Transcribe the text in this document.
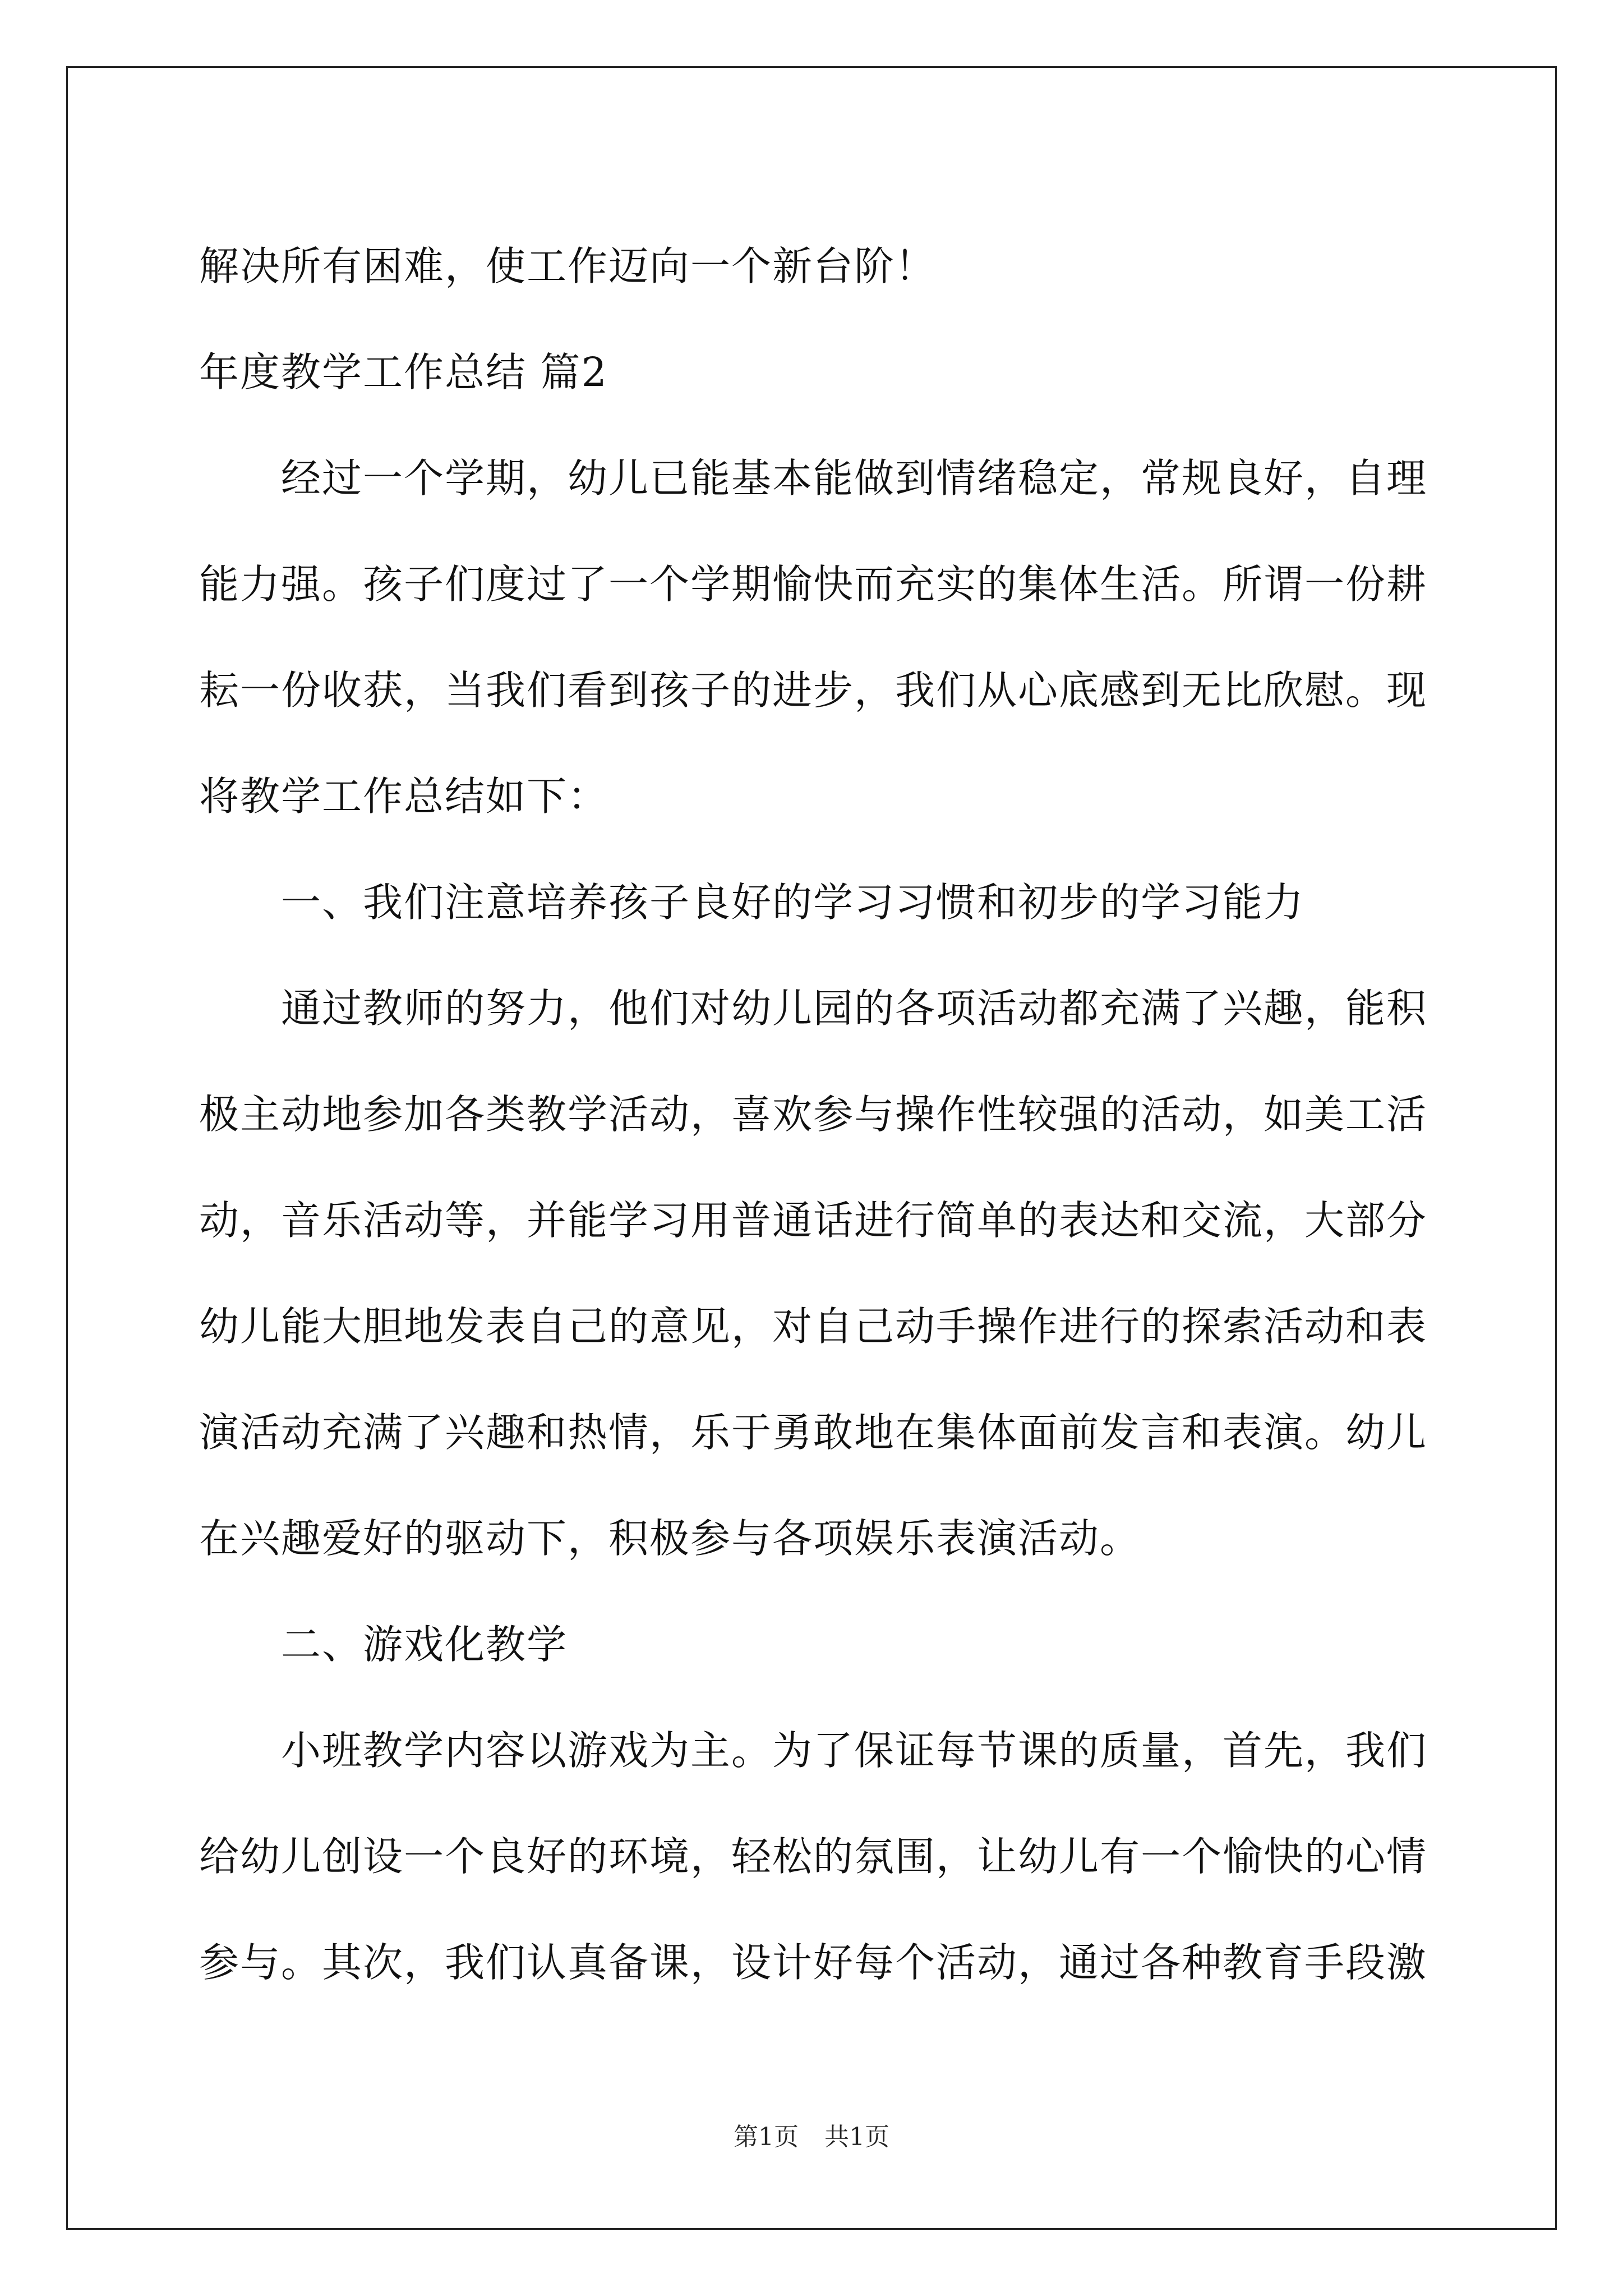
解决所有困难，使工作迈向一个新台阶！
年度教学工作总结 篇2
经过一个学期，幼儿已能基本能做到情绪稳定，常规良好，自理
能力强。孩子们度过了一个学期愉快而充实的集体生活。所谓一份耕
耘一份收获，当我们看到孩子的进步，我们从心底感到无比欣慰。现
将教学工作总结如下：
一、我们注意培养孩子良好的学习习惯和初步的学习能力
通过教师的努力，他们对幼儿园的各项活动都充满了兴趣，能积
极主动地参加各类教学活动，喜欢参与操作性较强的活动，如美工活
动，音乐活动等，并能学习用普通话进行简单的表达和交流，大部分
幼儿能大胆地发表自己的意见，对自己动手操作进行的探索活动和表
演活动充满了兴趣和热情，乐于勇敢地在集体面前发言和表演。幼儿
在兴趣爱好的驱动下，积极参与各项娱乐表演活动。
二、游戏化教学
小班教学内容以游戏为主。为了保证每节课的质量，首先，我们
给幼儿创设一个良好的环境，轻松的氛围，让幼儿有一个愉快的心情
参与。其次，我们认真备课，设计好每个活动，通过各种教育手段激
第1页 共1页
